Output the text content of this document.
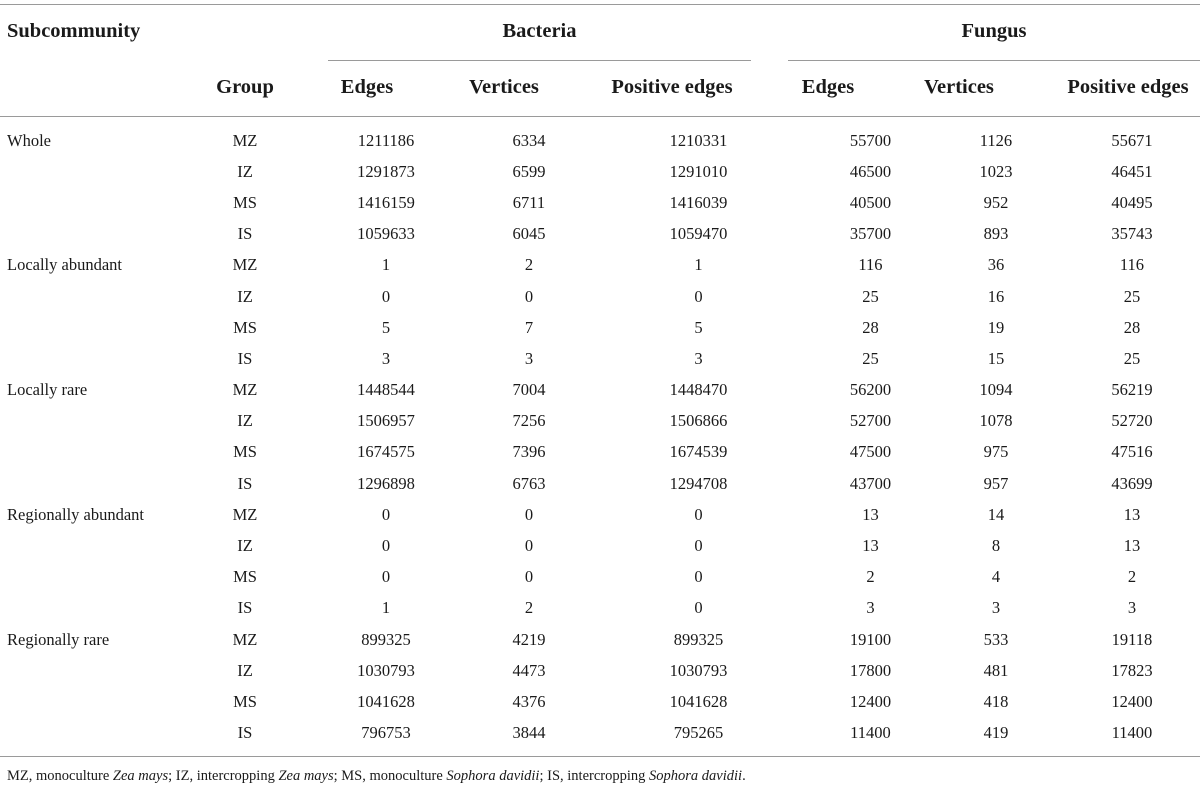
Subcommunity	Bacteria	Fungus
Group	Edges	Vertices	Positive edges	Edges	Vertices	Positive edges
Whole	MZ	1211186	6334	1210331	55700	1126	55671
	IZ	1291873	6599	1291010	46500	1023	46451
	MS	1416159	6711	1416039	40500	952	40495
	IS	1059633	6045	1059470	35700	893	35743
Locally abundant	MZ	1	2	1	116	36	116
	IZ	0	0	0	25	16	25
	MS	5	7	5	28	19	28
	IS	3	3	3	25	15	25
Locally rare	MZ	1448544	7004	1448470	56200	1094	56219
	IZ	1506957	7256	1506866	52700	1078	52720
	MS	1674575	7396	1674539	47500	975	47516
	IS	1296898	6763	1294708	43700	957	43699
Regionally abundant	MZ	0	0	0	13	14	13
	IZ	0	0	0	13	8	13
	MS	0	0	0	2	4	2
	IS	1	2	0	3	3	3
Regionally rare	MZ	899325	4219	899325	19100	533	19118
	IZ	1030793	4473	1030793	17800	481	17823
	MS	1041628	4376	1041628	12400	418	12400
	IS	796753	3844	795265	11400	419	11400
MZ, monoculture Zea mays; IZ, intercropping Zea mays; MS, monoculture Sophora davidii; IS, intercropping Sophora davidii.
